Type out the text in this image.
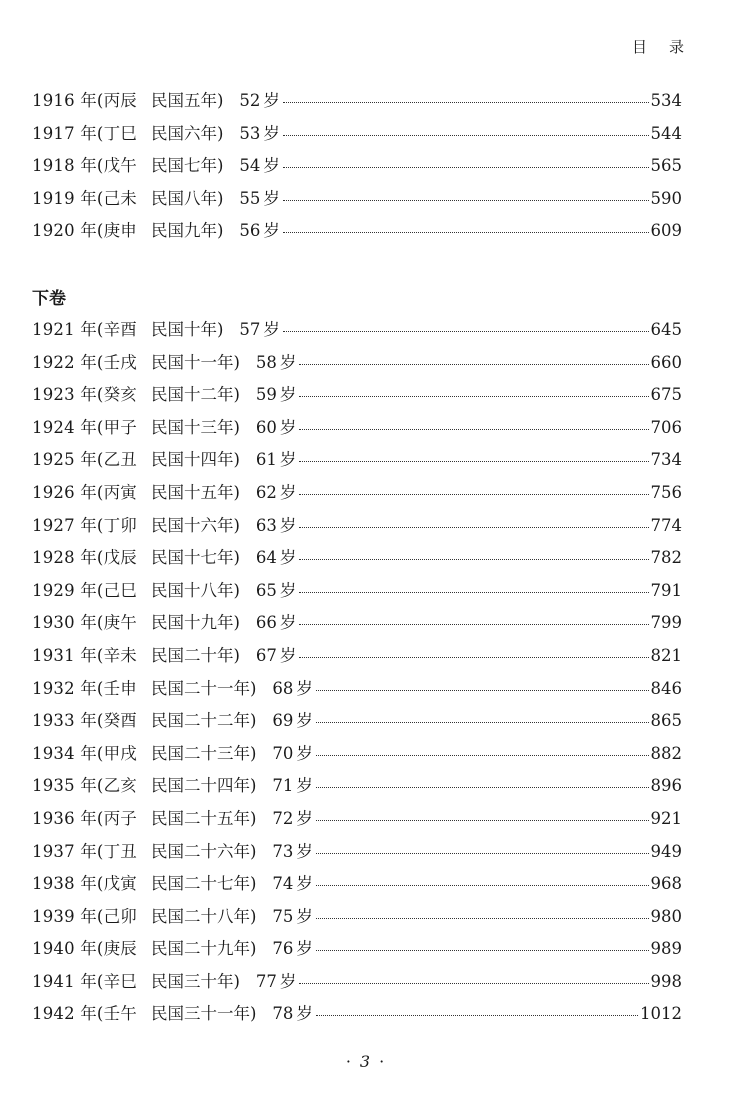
目录
1916 年(丙辰 民国五年) 52 岁	534
1917 年(丁巳 民国六年) 53 岁	544
1918 年(戊午 民国七年) 54 岁	565
1919 年(己未 民国八年) 55 岁	590
1920 年(庚申 民国九年) 56 岁	609
下卷
1921 年(辛酉 民国十年) 57 岁	645
1922 年(壬戌 民国十一年) 58 岁	660
1923 年(癸亥 民国十二年) 59 岁	675
1924 年(甲子 民国十三年) 60 岁	706
1925 年(乙丑 民国十四年) 61 岁	734
1926 年(丙寅 民国十五年) 62 岁	756
1927 年(丁卯 民国十六年) 63 岁	774
1928 年(戊辰 民国十七年) 64 岁	782
1929 年(己巳 民国十八年) 65 岁	791
1930 年(庚午 民国十九年) 66 岁	799
1931 年(辛未 民国二十年) 67 岁	821
1932 年(壬申 民国二十一年) 68 岁	846
1933 年(癸酉 民国二十二年) 69 岁	865
1934 年(甲戌 民国二十三年) 70 岁	882
1935 年(乙亥 民国二十四年) 71 岁	896
1936 年(丙子 民国二十五年) 72 岁	921
1937 年(丁丑 民国二十六年) 73 岁	949
1938 年(戊寅 民国二十七年) 74 岁	968
1939 年(己卯 民国二十八年) 75 岁	980
1940 年(庚辰 民国二十九年) 76 岁	989
1941 年(辛巳 民国三十年) 77 岁	998
1942 年(壬午 民国三十一年) 78 岁	1012
· 3 ·
